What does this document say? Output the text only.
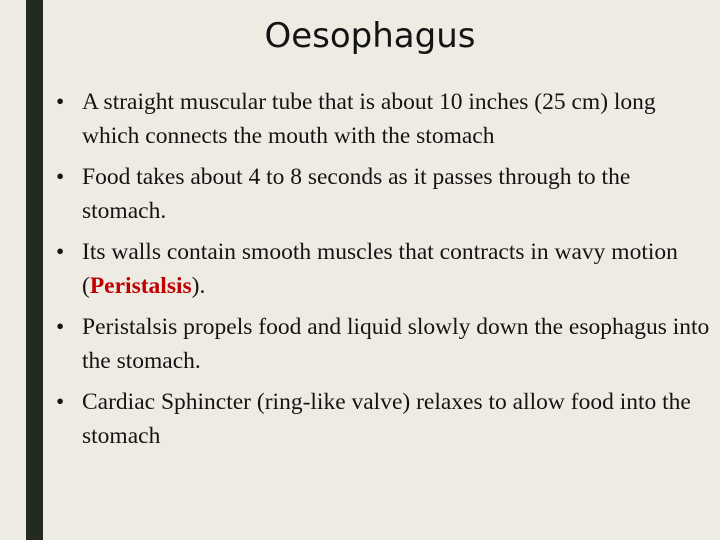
Oesophagus
• A straight muscular tube that is about 10 inches (25 cm) long which connects the mouth with the stomach
• Food takes about 4 to 8 seconds as it passes through to the stomach.
• Its walls contain smooth muscles that contracts in wavy motion (Peristalsis).
• Peristalsis propels food and liquid slowly down the esophagus into the stomach.
• Cardiac Sphincter (ring-like valve) relaxes to allow food into the stomach
